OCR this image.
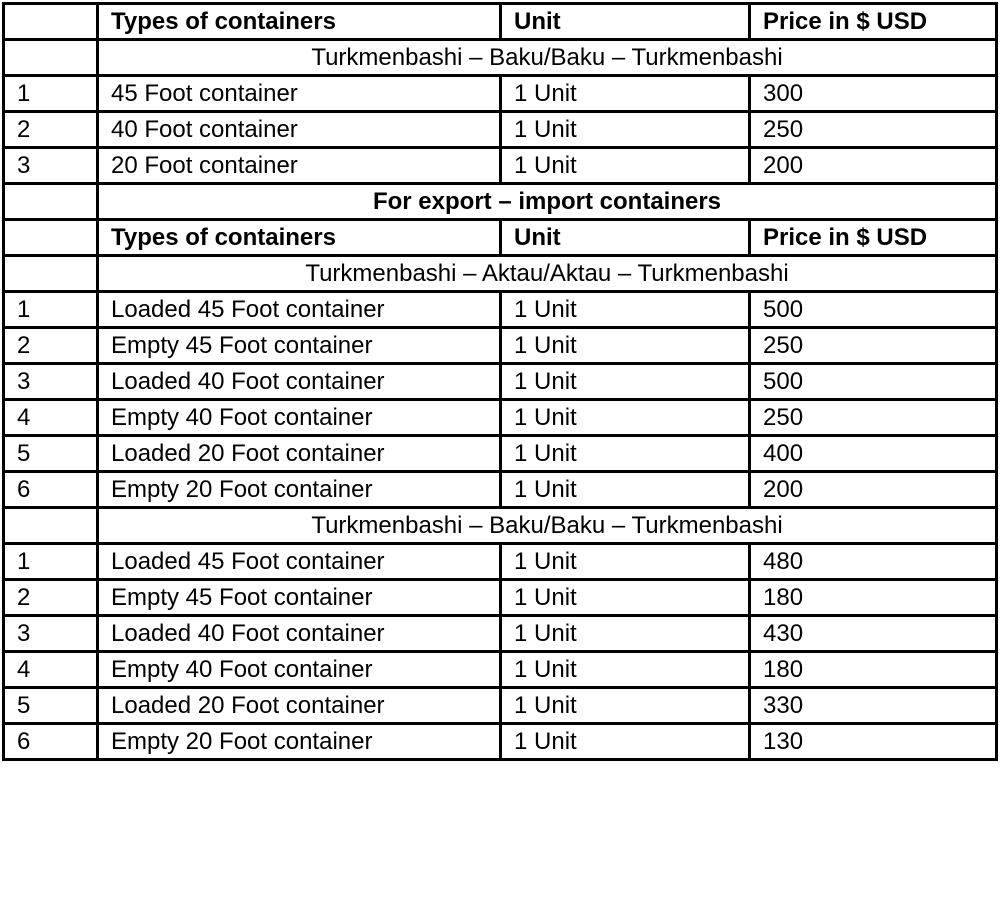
	Types of containers	Unit	Price in $ USD
	Turkmenbashi – Baku/Baku – Turkmenbashi		
1	45 Foot container	1 Unit	300
2	40 Foot container	1 Unit	250
3	20 Foot container	1 Unit	200
	For export – import containers		
	Types of containers	Unit	Price in $ USD
	Turkmenbashi – Aktau/Aktau – Turkmenbashi		
1	Loaded 45 Foot container	1 Unit	500
2	Empty 45 Foot container	1 Unit	250
3	Loaded 40 Foot container	1 Unit	500
4	Empty 40 Foot container	1 Unit	250
5	Loaded 20 Foot container	1 Unit	400
6	Empty 20 Foot container	1 Unit	200
	Turkmenbashi – Baku/Baku – Turkmenbashi		
1	Loaded 45 Foot container	1 Unit	480
2	Empty 45 Foot container	1 Unit	180
3	Loaded 40 Foot container	1 Unit	430
4	Empty 40 Foot container	1 Unit	180
5	Loaded 20 Foot container	1 Unit	330
6	Empty 20 Foot container	1 Unit	130
